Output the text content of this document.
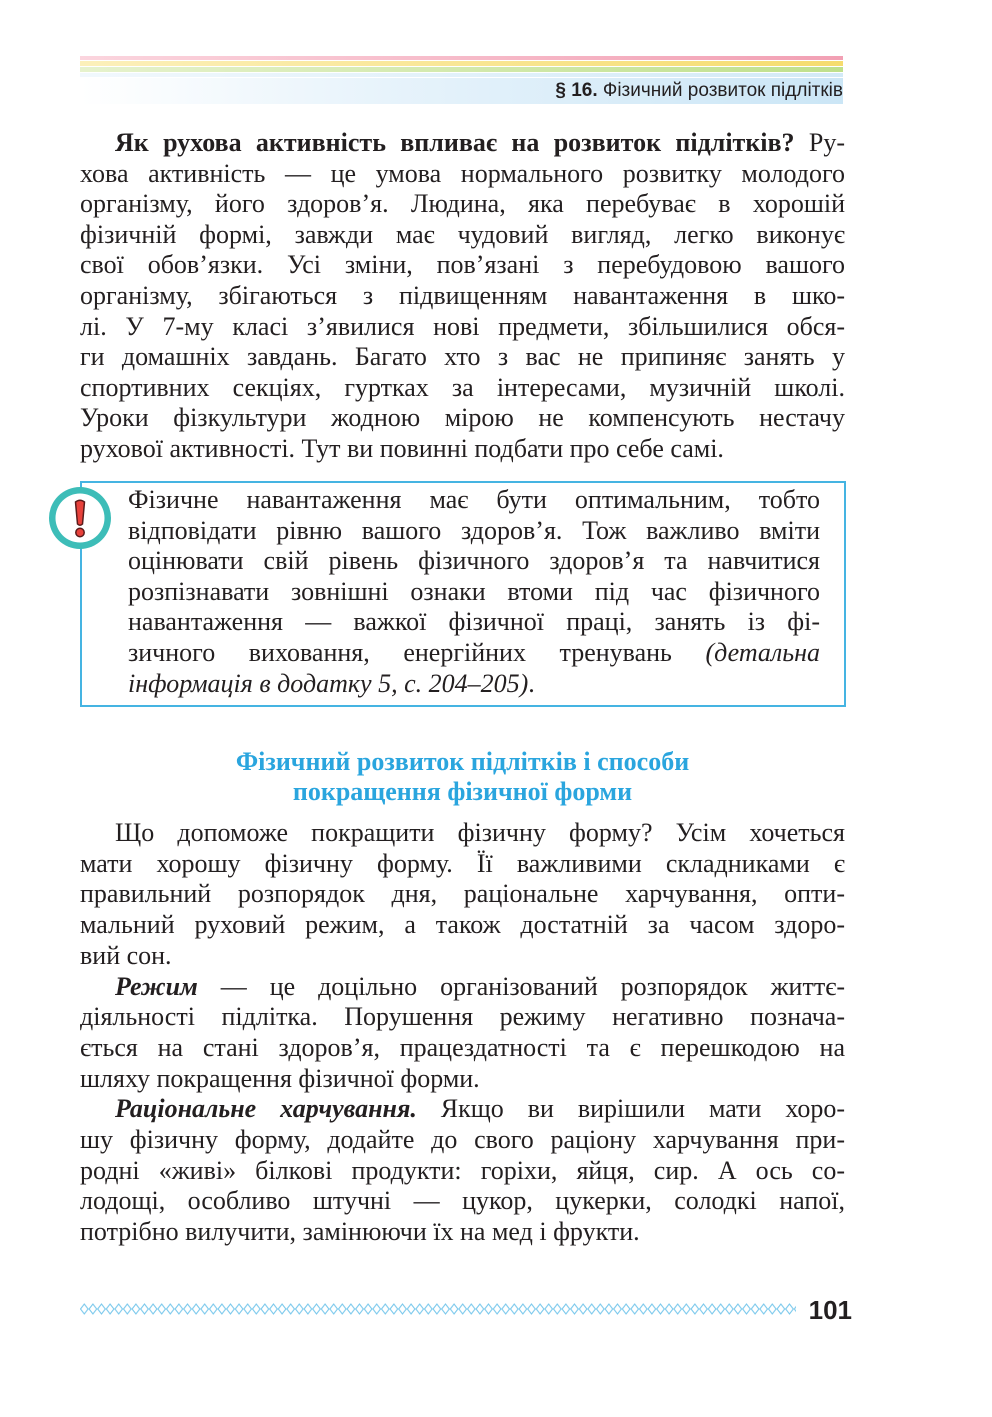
§ 16. Фізичний розвиток підлітків
Як рухова активність впливає на розвиток підлітків? Ру-
хова активність — це умова нормального розвитку молодого
організму, його здоров’я. Людина, яка перебуває в хорошій
фізичній формі, завжди має чудовий вигляд, легко виконує
свої обов’язки. Усі зміни, пов’язані з перебудовою вашого
організму, збігаються з підвищенням навантаження в шко-
лі. У 7-му класі з’явилися нові предмети, збільшилися обся-
ги домашніх завдань. Багато хто з вас не припиняє занять у
спортивних секціях, гуртках за інтересами, музичній школі.
Уроки фізкультури жодною мірою не компенсують нестачу
рухової активності. Тут ви повинні подбати про себе самі.
Фізичне навантаження має бути оптимальним, тобто
відповідати рівню вашого здоров’я. Тож важливо вміти
оцінювати свій рівень фізичного здоров’я та навчитися
розпізнавати зовнішні ознаки втоми під час фізичного
навантаження — важкої фізичної праці, занять із фі-
зичного виховання, енергійних тренувань (детальна
інформація в додатку 5, с. 204–205).
Фізичний розвиток підлітків і способи
покращення фізичної форми
Що допоможе покращити фізичну форму? Усім хочеться
мати хорошу фізичну форму. Її важливими складниками є
правильний розпорядок дня, раціональне харчування, опти-
мальний руховий режим, а також достатній за часом здоро-
вий сон.
Режим — це доцільно організований розпорядок життє-
діяльності підлітка. Порушення режиму негативно познача-
ється на стані здоров’я, працездатності та є перешкодою на
шляху покращення фізичної форми.
Раціональне харчування. Якщо ви вирішили мати хоро-
шу фізичну форму, додайте до свого раціону харчування при-
родні «живі» білкові продукти: горіхи, яйця, сир. А ось со-
лодощі, особливо штучні — цукор, цукерки, солодкі напої,
потрібно вилучити, замінюючи їх на мед і фрукти.
101
